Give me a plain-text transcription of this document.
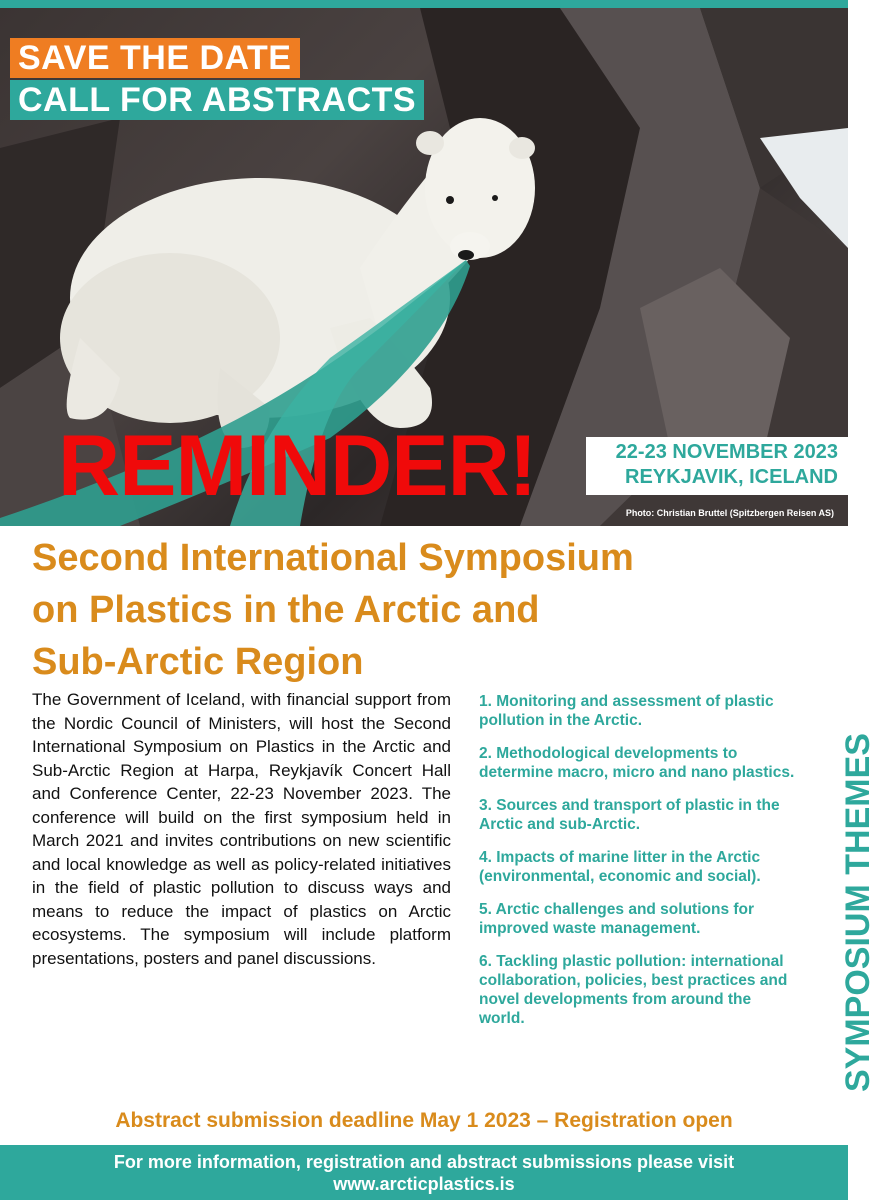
SAVE THE DATE
CALL FOR ABSTRACTS
REMINDER!	22-23 NOVEMBER 2023
REYKJAVIK, ICELAND
Photo: Christian Bruttel (Spitzbergen Reisen AS)
Second International Symposium
on Plastics in the Arctic and
Sub-Arctic Region

The Government of Iceland, with financial support from the Nordic Council of Ministers, will host the Second International Symposium on Plastics in the Arctic and Sub-Arctic Region at Harpa, Reykjavík Concert Hall and Conference Center, 22-23 November 2023. The conference will build on the first symposium held in March 2021 and invites contributions on new scientific and local knowledge as well as policy-related initiatives in the field of plastic pollution to discuss ways and means to reduce the impact of plastics on Arctic ecosystems. The symposium will include platform presentations, posters and panel discussions.

1. Monitoring and assessment of plastic pollution in the Arctic.

2. Methodological developments to determine macro, micro and nano plastics.

3. Sources and transport of plastic in the Arctic and sub-Arctic.

4. Impacts of marine litter in the Arctic (environmental, economic and social).

5. Arctic challenges and solutions for improved waste management.

6. Tackling plastic pollution: international collaboration, policies, best practices and novel developments from around the world.	SYMPOSIUM THEMES
Abstract submission deadline May 1 2023 – Registration open
For more information, registration and abstract submissions please visit
www.arcticplastics.is
